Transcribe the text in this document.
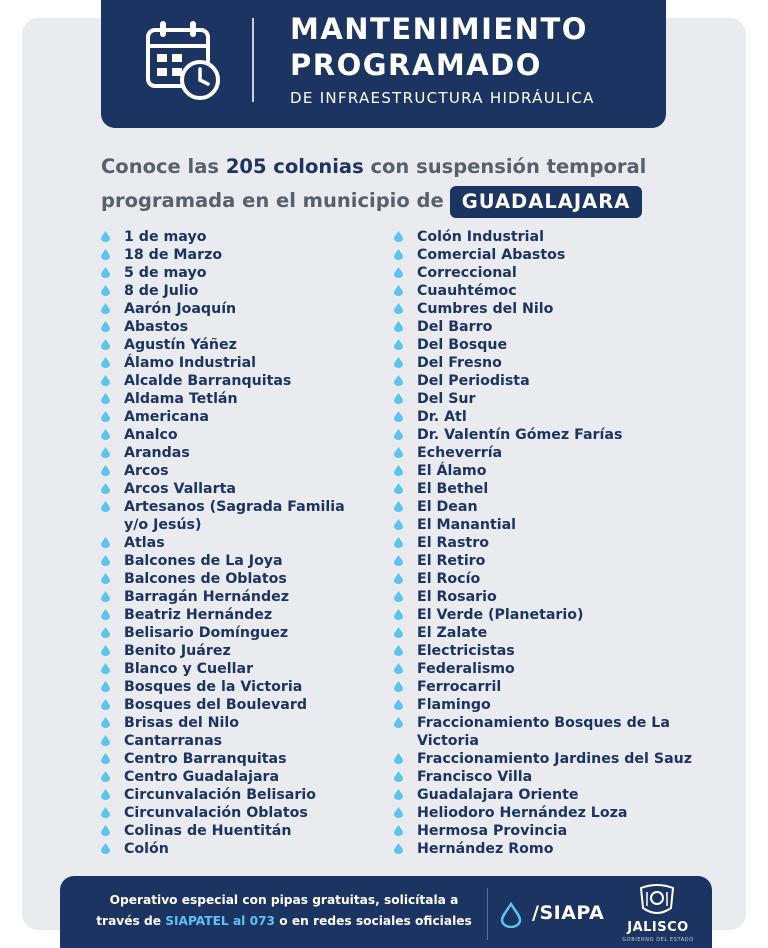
MANTENIMIENTO
PROGRAMADO
DE INFRAESTRUCTURA HIDRÁULICA
Conoce las 205 colonias con suspensión temporal programada en el municipio de GUADALAJARA
1 de mayo
18 de Marzo
5 de mayo
8 de Julio
Aarón Joaquín
Abastos
Agustín Yáñez
Álamo Industrial
Alcalde Barranquitas
Aldama Tetlán
Americana
Analco
Arandas
Arcos
Arcos Vallarta
Artesanos (Sagrada Familia y/o Jesús)
Atlas
Balcones de La Joya
Balcones de Oblatos
Barragán Hernández
Beatriz Hernández
Belisario Domínguez
Benito Juárez
Blanco y Cuellar
Bosques de la Victoria
Bosques del Boulevard
Brisas del Nilo
Cantarranas
Centro Barranquitas
Centro Guadalajara
Circunvalación Belisario
Circunvalación Oblatos
Colinas de Huentitán
Colón
Colón Industrial
Comercial Abastos
Correccional
Cuauhtémoc
Cumbres del Nilo
Del Barro
Del Bosque
Del Fresno
Del Periodista
Del Sur
Dr. Atl
Dr. Valentín Gómez Farías
Echeverría
El Álamo
El Bethel
El Dean
El Manantial
El Rastro
El Retiro
El Rocío
El Rosario
El Verde (Planetario)
El Zalate
Electricistas
Federalismo
Ferrocarril
Flamingo
Fraccionamiento Bosques de La Victoria
Fraccionamiento Jardines del Sauz
Francisco Villa
Guadalajara Oriente
Heliodoro Hernández Loza
Hermosa Provincia
Hernández Romo
Operativo especial con pipas gratuitas, solicítala a
través de SIAPATEL al 073 o en redes sociales oficiales	/SIAPA
JALISCO
GOBIERNO DEL ESTADO
